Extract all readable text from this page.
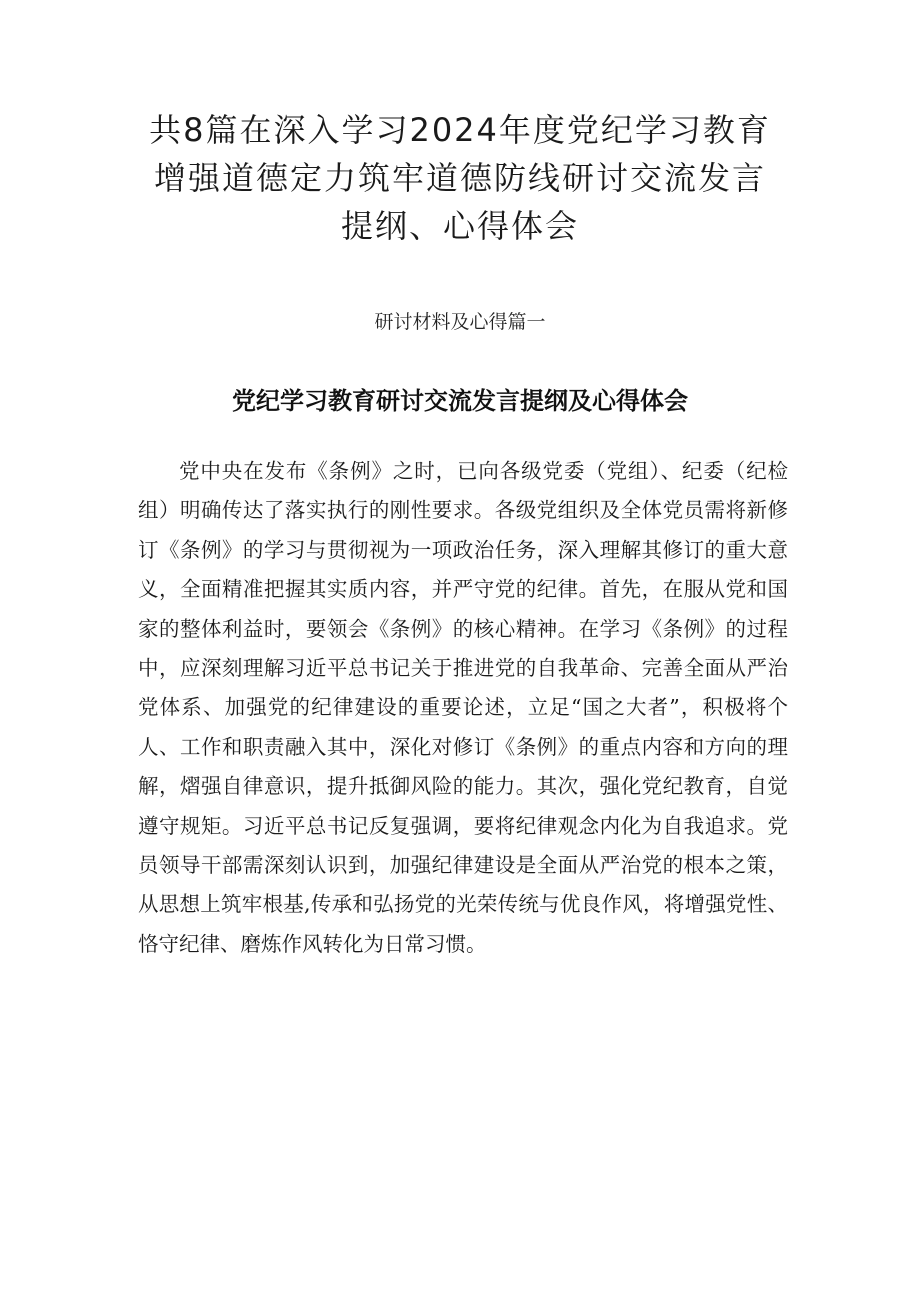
共8篇在深入学习2024年度党纪学习教育
增强道德定力筑牢道德防线研讨交流发言
提纲、心得体会
研讨材料及心得篇一
党纪学习教育研讨交流发言提纲及心得体会

党中央在发布《条例》之时，已向各级党委（党组）、纪委（纪检组）明确传达了落实执行的刚性要求。各级党组织及全体党员需将新修订《条例》的学习与贯彻视为一项政治任务，深入理解其修订的重大意义，全面精准把握其实质内容，并严守党的纪律。首先，在服从党和国家的整体利益时，要领会《条例》的核心精神。在学习《条例》的过程中，应深刻理解习近平总书记关于推进党的自我革命、完善全面从严治党体系、加强党的纪律建设的重要论述，立足“国之大者”，积极将个人、工作和职责融入其中，深化对修订《条例》的重点内容和方向的理解，熠强自律意识，提升抵御风险的能力。其次，强化党纪教育，自觉遵守规矩。习近平总书记反复强调，要将纪律观念内化为自我追求。党员领导干部需深刻认识到，加强纪律建设是全面从严治党的根本之策，从思想上筑牢根基,传承和弘扬党的光荣传统与优良作风，将增强党性、恪守纪律、磨炼作风转化为日常习惯。
